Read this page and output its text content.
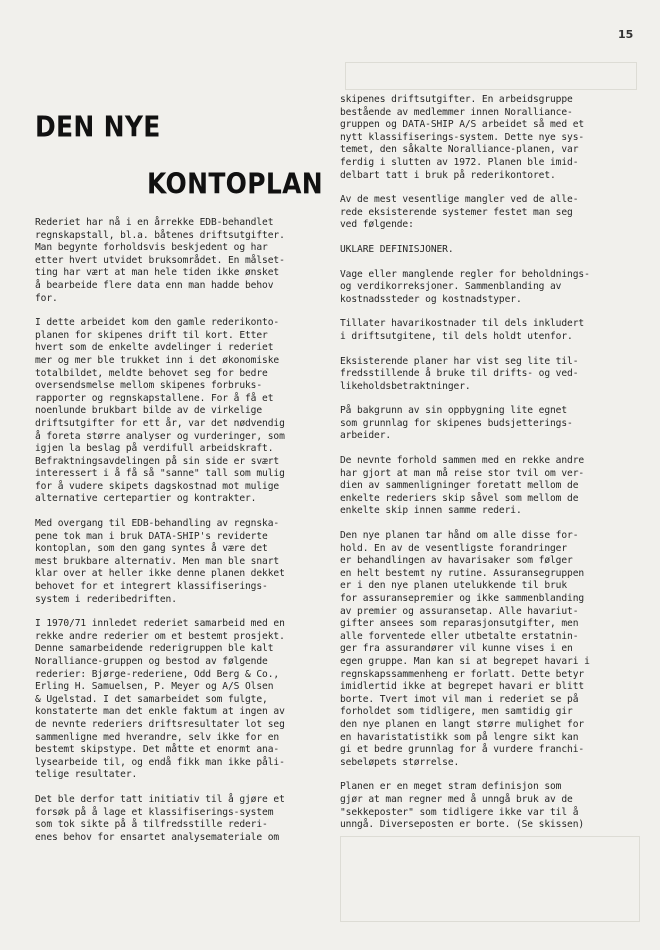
15
DEN NYE
KONTOPLAN

Rederiet har nå i en årrekke EDB-behandlet
regnskapstall, bl.a. båtenes driftsutgifter.
Man begynte forholdsvis beskjedent og har
etter hvert utvidet bruksområdet. En målset-
ting har vært at man hele tiden ikke ønsket
å bearbeide flere data enn man hadde behov
for.

I dette arbeidet kom den gamle rederikonto-
planen for skipenes drift til kort. Etter
hvert som de enkelte avdelinger i rederiet
mer og mer ble trukket inn i det økonomiske
totalbildet, meldte behovet seg for bedre
oversendsmelse mellom skipenes forbruks-
rapporter og regnskapstallene. For å få et
noenlunde brukbart bilde av de virkelige
driftsutgifter for ett år, var det nødvendig
å foreta større analyser og vurderinger, som
igjen la beslag på verdifull arbeidskraft.
Befraktningsavdelingen på sin side er svært
interessert i å få så "sanne" tall som mulig
for å vudere skipets dagskostnad mot mulige
alternative certepartier og kontrakter.

Med overgang til EDB-behandling av regnska-
pene tok man i bruk DATA-SHIP's reviderte
kontoplan, som den gang syntes å være det
mest brukbare alternativ. Men man ble snart
klar over at heller ikke denne planen dekket
behovet for et integrert klassifiserings-
system i rederibedriften.

I 1970/71 innledet rederiet samarbeid med en
rekke andre rederier om et bestemt prosjekt.
Denne samarbeidende rederigruppen ble kalt
Noralliance-gruppen og bestod av følgende
rederier: Bjørge-rederiene, Odd Berg & Co.,
Erling H. Samuelsen, P. Meyer og A/S Olsen
& Ugelstad. I det samarbeidet som fulgte,
konstaterte man det enkle faktum at ingen av
de nevnte rederiers driftsresultater lot seg
sammenligne med hverandre, selv ikke for en
bestemt skipstype. Det måtte et enormt ana-
lysearbeide til, og endå fikk man ikke påli-
telige resultater.

Det ble derfor tatt initiativ til å gjøre et
forsøk på å lage et klassifiserings-system
som tok sikte på å tilfredsstille rederi-
enes behov for ensartet analysemateriale om

skipenes driftsutgifter. En arbeidsgruppe
bestående av medlemmer innen Noralliance-
gruppen og DATA-SHIP A/S arbeidet så med et
nytt klassifiserings-system. Dette nye sys-
temet, den såkalte Noralliance-planen, var
ferdig i slutten av 1972. Planen ble imid-
delbart tatt i bruk på rederikontoret.

Av de mest vesentlige mangler ved de alle-
rede eksisterende systemer festet man seg
ved følgende:

UKLARE DEFINISJONER.

Vage eller manglende regler for beholdnings-
og verdikorreksjoner. Sammenblanding av
kostnadssteder og kostnadstyper.

Tillater havarikostnader til dels inkludert
i driftsutgitene, til dels holdt utenfor.

Eksisterende planer har vist seg lite til-
fredsstillende å bruke til drifts- og ved-
likeholdsbetraktninger.

På bakgrunn av sin oppbygning lite egnet
som grunnlag for skipenes budsjetterings-
arbeider.

De nevnte forhold sammen med en rekke andre
har gjort at man må reise stor tvil om ver-
dien av sammenligninger foretatt mellom de
enkelte rederiers skip såvel som mellom de
enkelte skip innen samme rederi.

Den nye planen tar hånd om alle disse for-
hold. En av de vesentligste forandringer
er behandlingen av havarisaker som følger
en helt bestemt ny rutine. Assuransegruppen
er i den nye planen utelukkende til bruk
for assuransepremier og ikke sammenblanding
av premier og assuransetap. Alle havariut-
gifter ansees som reparasjonsutgifter, men
alle forventede eller utbetalte erstatnin-
ger fra assurandører vil kunne vises i en
egen gruppe. Man kan si at begrepet havari i
regnskapssammenheng er forlatt. Dette betyr
imidlertid ikke at begrepet havari er blitt
borte. Tvert imot vil man i rederiet se på
forholdet som tidligere, men samtidig gir
den nye planen en langt større mulighet for
en havaristatistikk som på lengre sikt kan
gi et bedre grunnlag for å vurdere franchi-
sebeløpets størrelse.

Planen er en meget stram definisjon som
gjør at man regner med å unngå bruk av de
"sekkeposter" som tidligere ikke var til å
unngå. Diverseposten er borte. (Se skissen)
